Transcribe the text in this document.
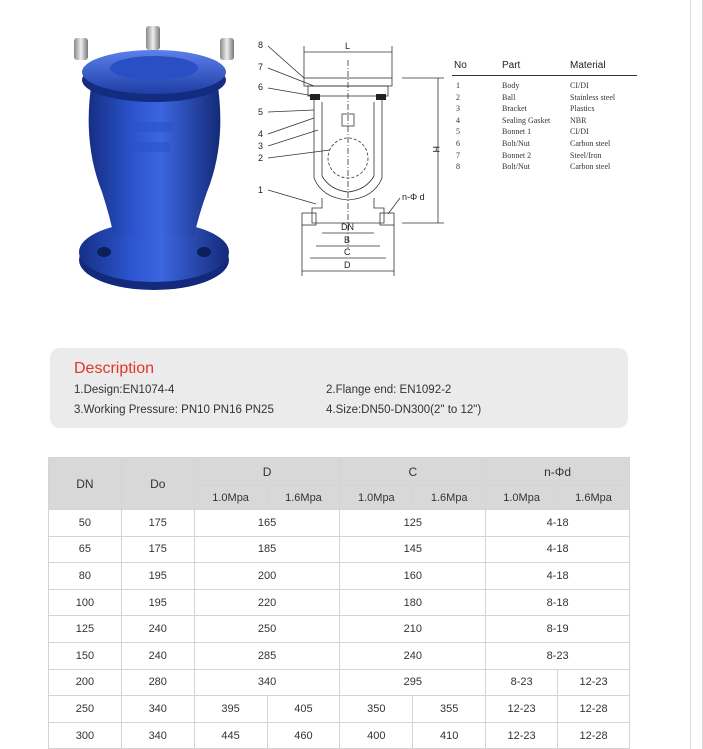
8
7
6
5
4
3
2
1
L
H
n-Φ d
DN
B
C
D
No	Part	Material
1	Body	CI/DI
2	Ball	Stainless steel
3	Bracket	Plastics
4	Sealing Gasket	NBR
5	Bonnet 1	CI/DI
6	Bolt/Nut	Carbon steel
7	Bonnet 2	Steel/Iron
8	Bolt/Nut	Carbon steel
Description
1.Design:EN1074-4	2.Flange end: EN1092-2
3.Working Pressure: PN10 PN16 PN25	4.Size:DN50-DN300(2" to 12")
DN	Do	D		C		n-Φd	
		1.0Mpa	1.6Mpa	1.0Mpa	1.6Mpa	1.0Mpa	1.6Mpa
50	175	165		125		4-18	
65	175	185		145		4-18	
80	195	200		160		4-18	
100	195	220		180		8-18	
125	240	250		210		8-19	
150	240	285		240		8-23	
200	280	340		295		8-23	12-23
250	340	395	405	350	355	12-23	12-28
300	340	445	460	400	410	12-23	12-28
